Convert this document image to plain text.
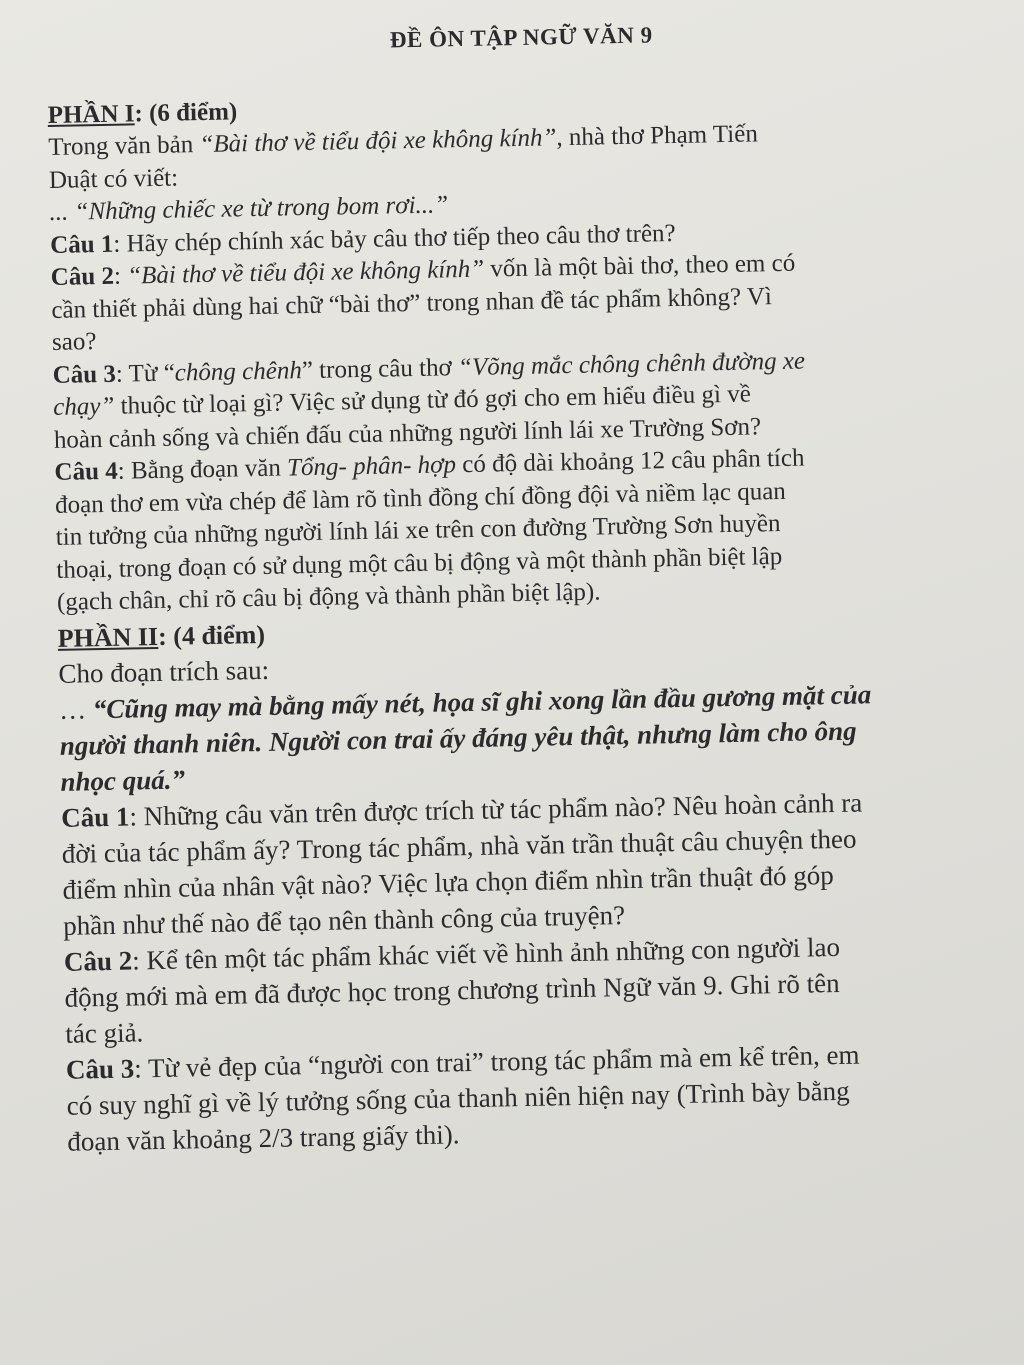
ĐỀ ÔN TẬP NGỮ VĂN 9
PHẦN I: (6 điểm)
Trong văn bản “Bài thơ về tiểu đội xe không kính”, nhà thơ Phạm Tiến
Duật có viết:
... “Những chiếc xe từ trong bom rơi...”
Câu 1: Hãy chép chính xác bảy câu thơ tiếp theo câu thơ trên?
Câu 2: “Bài thơ về tiểu đội xe không kính” vốn là một bài thơ, theo em có
cần thiết phải dùng hai chữ “bài thơ” trong nhan đề tác phẩm không? Vì
sao?
Câu 3: Từ “chông chênh” trong câu thơ “Võng mắc chông chênh đường xe
chạy” thuộc từ loại gì? Việc sử dụng từ đó gợi cho em hiểu điều gì về
hoàn cảnh sống và chiến đấu của những người lính lái xe Trường Sơn?
Câu 4: Bằng đoạn văn Tổng- phân- hợp có độ dài khoảng 12 câu phân tích
đoạn thơ em vừa chép để làm rõ tình đồng chí đồng đội và niềm lạc quan
tin tưởng của những người lính lái xe trên con đường Trường Sơn huyền
thoại, trong đoạn có sử dụng một câu bị động và một thành phần biệt lập
(gạch chân, chỉ rõ câu bị động và thành phần biệt lập).
PHẦN II: (4 điểm)
Cho đoạn trích sau:
… “Cũng may mà bằng mấy nét, họa sĩ ghi xong lần đầu gương mặt của
người thanh niên. Người con trai ấy đáng yêu thật, nhưng làm cho ông
nhọc quá.”
Câu 1: Những câu văn trên được trích từ tác phẩm nào? Nêu hoàn cảnh ra
đời của tác phẩm ấy? Trong tác phẩm, nhà văn trần thuật câu chuyện theo
điểm nhìn của nhân vật nào? Việc lựa chọn điểm nhìn trần thuật đó góp
phần như thế nào để tạo nên thành công của truyện?
Câu 2: Kể tên một tác phẩm khác viết về hình ảnh những con người lao
động mới mà em đã được học trong chương trình Ngữ văn 9. Ghi rõ tên
tác giả.
Câu 3: Từ vẻ đẹp của “người con trai” trong tác phẩm mà em kể trên, em
có suy nghĩ gì về lý tưởng sống của thanh niên hiện nay (Trình bày bằng
đoạn văn khoảng 2/3 trang giấy thi).
